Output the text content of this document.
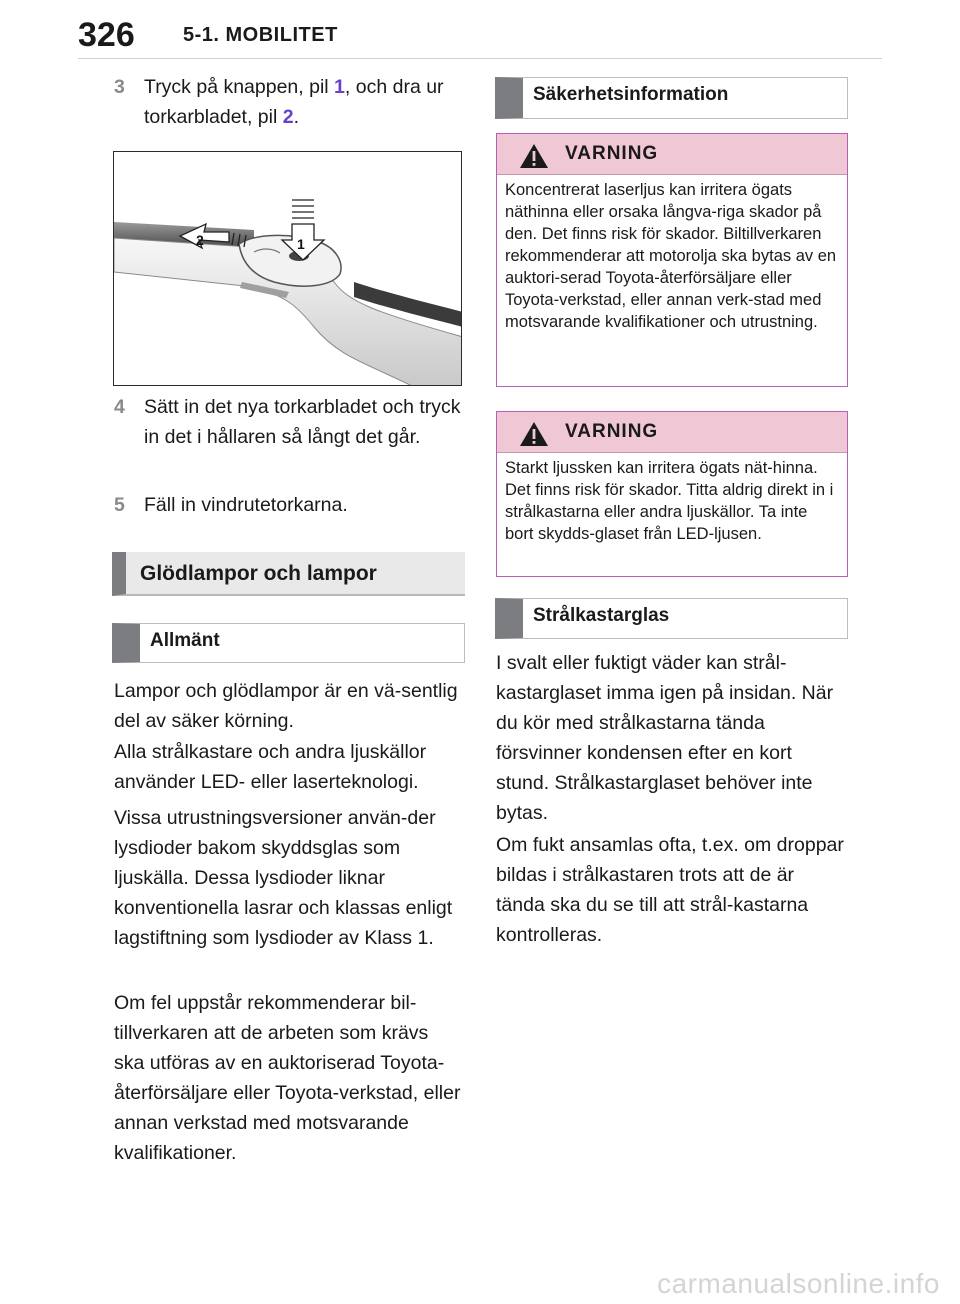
326 5-1. MOBILITET
3 Tryck på knappen, pil 1, och dra ur torkarbladet, pil 2.
1
2
4 Sätt in det nya torkarbladet och tryck in det i hållaren så långt det går.
5 Fäll in vindrutetorkarna.
Glödlampor och lampor
Allmänt
Lampor och glödlampor är en vä-sentlig del av säker körning.
Alla strålkastare och andra ljuskällor använder LED- eller laserteknologi.
Vissa utrustningsversioner använ-der lysdioder bakom skyddsglas som ljuskälla. Dessa lysdioder liknar konventionella lasrar och klassas enligt lagstiftning som lysdioder av Klass 1.
Om fel uppstår rekommenderar bil-tillverkaren att de arbeten som krävs ska utföras av en auktoriserad Toyota-återförsäljare eller Toyota-verkstad, eller annan verkstad med motsvarande kvalifikationer.
Säkerhetsinformation
VARNING
Koncentrerat laserljus kan irritera ögats näthinna eller orsaka långva-riga skador på den. Det finns risk för skador. Biltillverkaren rekommenderar att motorolja ska bytas av en auktori-serad Toyota-återförsäljare eller Toyota-verkstad, eller annan verk-stad med motsvarande kvalifikationer och utrustning.
VARNING
Starkt ljussken kan irritera ögats nät-hinna. Det finns risk för skador. Titta aldrig direkt in i strålkastarna eller andra ljuskällor. Ta inte bort skydds-glaset från LED-ljusen.
Strålkastarglas
I svalt eller fuktigt väder kan strål-kastarglaset imma igen på insidan. När du kör med strålkastarna tända försvinner kondensen efter en kort stund. Strålkastarglaset behöver inte bytas.
Om fukt ansamlas ofta, t.ex. om droppar bildas i strålkastaren trots att de är tända ska du se till att strål-kastarna kontrolleras.
carmanualsonline.info
